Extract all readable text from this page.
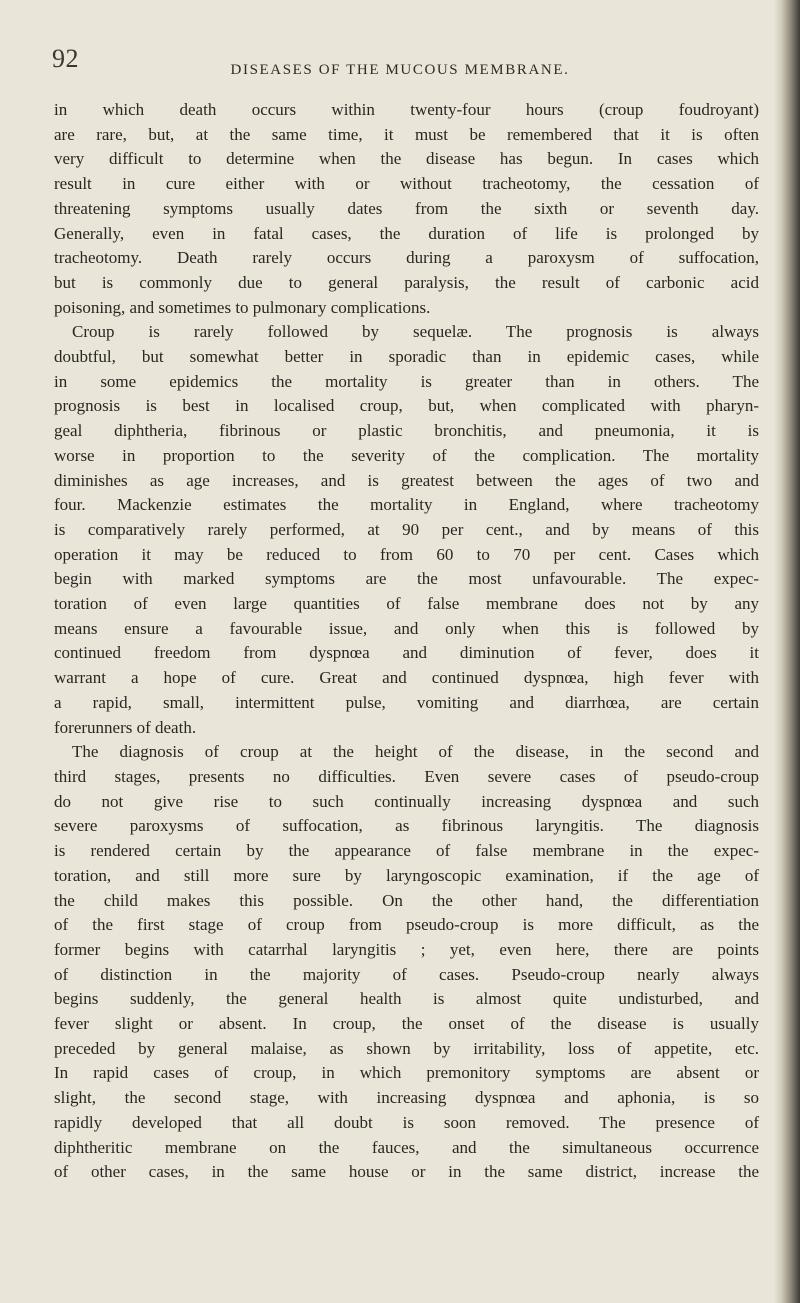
92	DISEASES OF THE MUCOUS MEMBRANE.
in which death occurs within twenty-four hours (croup foudroyant)
are rare, but, at the same time, it must be remembered that it is often
very difficult to determine when the disease has begun. In cases which
result in cure either with or without tracheotomy, the cessation of
threatening symptoms usually dates from the sixth or seventh day.
Generally, even in fatal cases, the duration of life is prolonged by
tracheotomy. Death rarely occurs during a paroxysm of suffocation,
but is commonly due to general paralysis, the result of carbonic acid
poisoning, and sometimes to pulmonary complications.
Croup is rarely followed by sequelæ. The prognosis is always
doubtful, but somewhat better in sporadic than in epidemic cases, while
in some epidemics the mortality is greater than in others. The
prognosis is best in localised croup, but, when complicated with pharyn-
geal diphtheria, fibrinous or plastic bronchitis, and pneumonia, it is
worse in proportion to the severity of the complication. The mortality
diminishes as age increases, and is greatest between the ages of two and
four. Mackenzie estimates the mortality in England, where tracheotomy
is comparatively rarely performed, at 90 per cent., and by means of this
operation it may be reduced to from 60 to 70 per cent. Cases which
begin with marked symptoms are the most unfavourable. The expec-
toration of even large quantities of false membrane does not by any
means ensure a favourable issue, and only when this is followed by
continued freedom from dyspnœa and diminution of fever, does it
warrant a hope of cure. Great and continued dyspnœa, high fever with
a rapid, small, intermittent pulse, vomiting and diarrhœa, are certain
forerunners of death.
The diagnosis of croup at the height of the disease, in the second and
third stages, presents no difficulties. Even severe cases of pseudo-croup
do not give rise to such continually increasing dyspnœa and such
severe paroxysms of suffocation, as fibrinous laryngitis. The diagnosis
is rendered certain by the appearance of false membrane in the expec-
toration, and still more sure by laryngoscopic examination, if the age of
the child makes this possible. On the other hand, the differentiation
of the first stage of croup from pseudo-croup is more difficult, as the
former begins with catarrhal laryngitis ; yet, even here, there are points
of distinction in the majority of cases. Pseudo-croup nearly always
begins suddenly, the general health is almost quite undisturbed, and
fever slight or absent. In croup, the onset of the disease is usually
preceded by general malaise, as shown by irritability, loss of appetite, etc.
In rapid cases of croup, in which premonitory symptoms are absent or
slight, the second stage, with increasing dyspnœa and aphonia, is so
rapidly developed that all doubt is soon removed. The presence of
diphtheritic membrane on the fauces, and the simultaneous occurrence
of other cases, in the same house or in the same district, increase the
